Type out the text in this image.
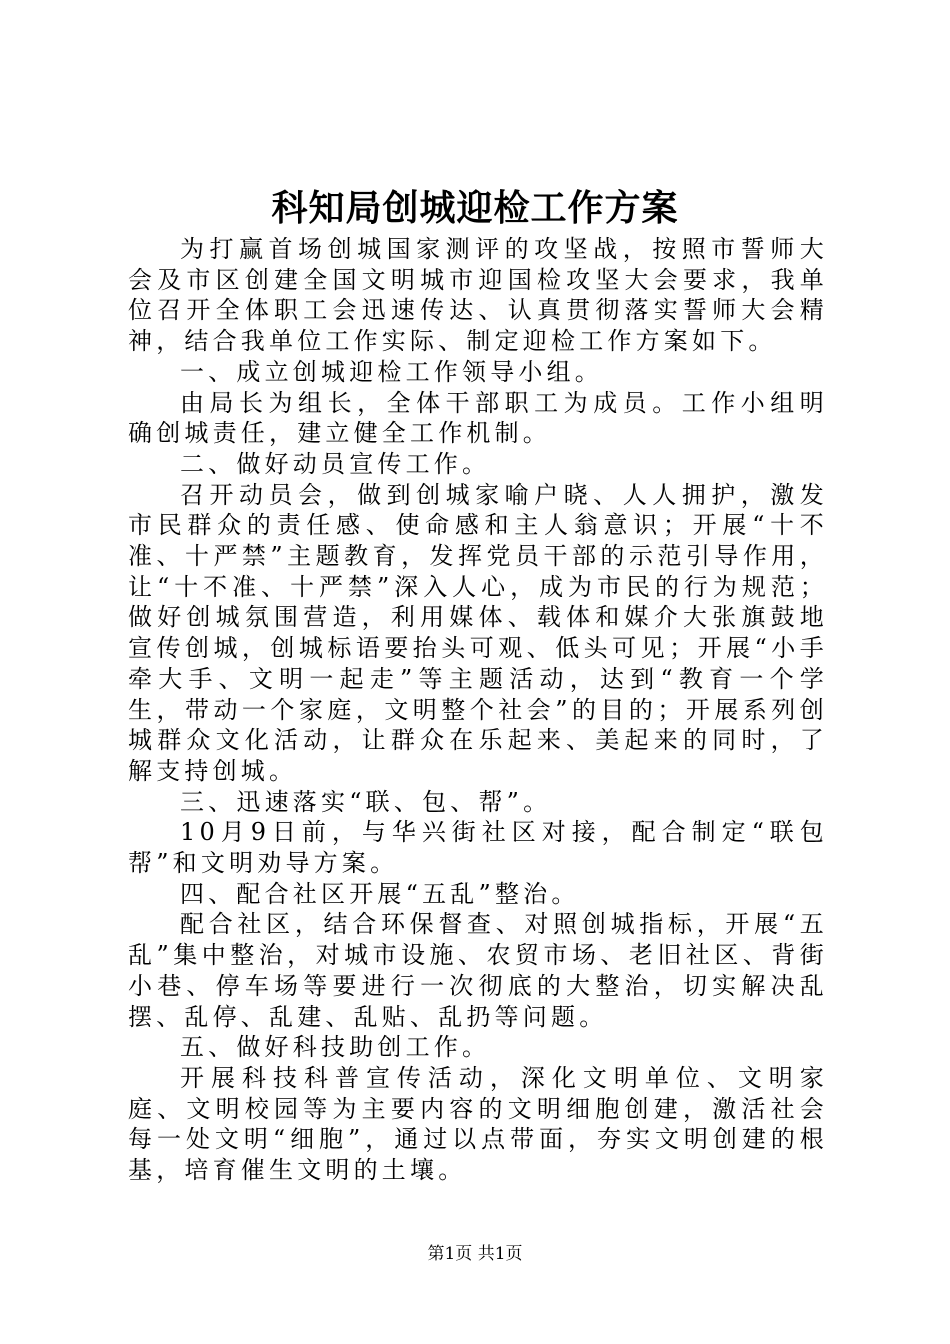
科知局创城迎检工作方案

为打赢首场创城国家测评的攻坚战，按照市誓师大会及市区创建全国文明城市迎国检攻坚大会要求，我单位召开全体职工会迅速传达、认真贯彻落实誓师大会精神，结合我单位工作实际、制定迎检工作方案如下。

一、成立创城迎检工作领导小组。

由局长为组长，全体干部职工为成员。工作小组明确创城责任，建立健全工作机制。

二、做好动员宣传工作。

召开动员会，做到创城家喻户晓、人人拥护，激发市民群众的责任感、使命感和主人翁意识；开展“十不准、十严禁”主题教育，发挥党员干部的示范引导作用，让“十不准、十严禁”深入人心，成为市民的行为规范；做好创城氛围营造，利用媒体、载体和媒介大张旗鼓地宣传创城，创城标语要抬头可观、低头可见；开展“小手牵大手、文明一起走”等主题活动，达到“教育一个学生，带动一个家庭，文明整个社会”的目的；开展系列创城群众文化活动，让群众在乐起来、美起来的同时，了解支持创城。

三、迅速落实“联、包、帮”。

10月9日前，与华兴街社区对接，配合制定“联包帮”和文明劝导方案。

四、配合社区开展“五乱”整治。

配合社区，结合环保督查、对照创城指标，开展“五乱”集中整治，对城市设施、农贸市场、老旧社区、背街小巷、停车场等要进行一次彻底的大整治，切实解决乱摆、乱停、乱建、乱贴、乱扔等问题。

五、做好科技助创工作。

开展科技科普宣传活动，深化文明单位、文明家庭、文明校园等为主要内容的文明细胞创建，激活社会每一处文明“细胞”，通过以点带面，夯实文明创建的根基，培育催生文明的土壤。

第1页 共1页
